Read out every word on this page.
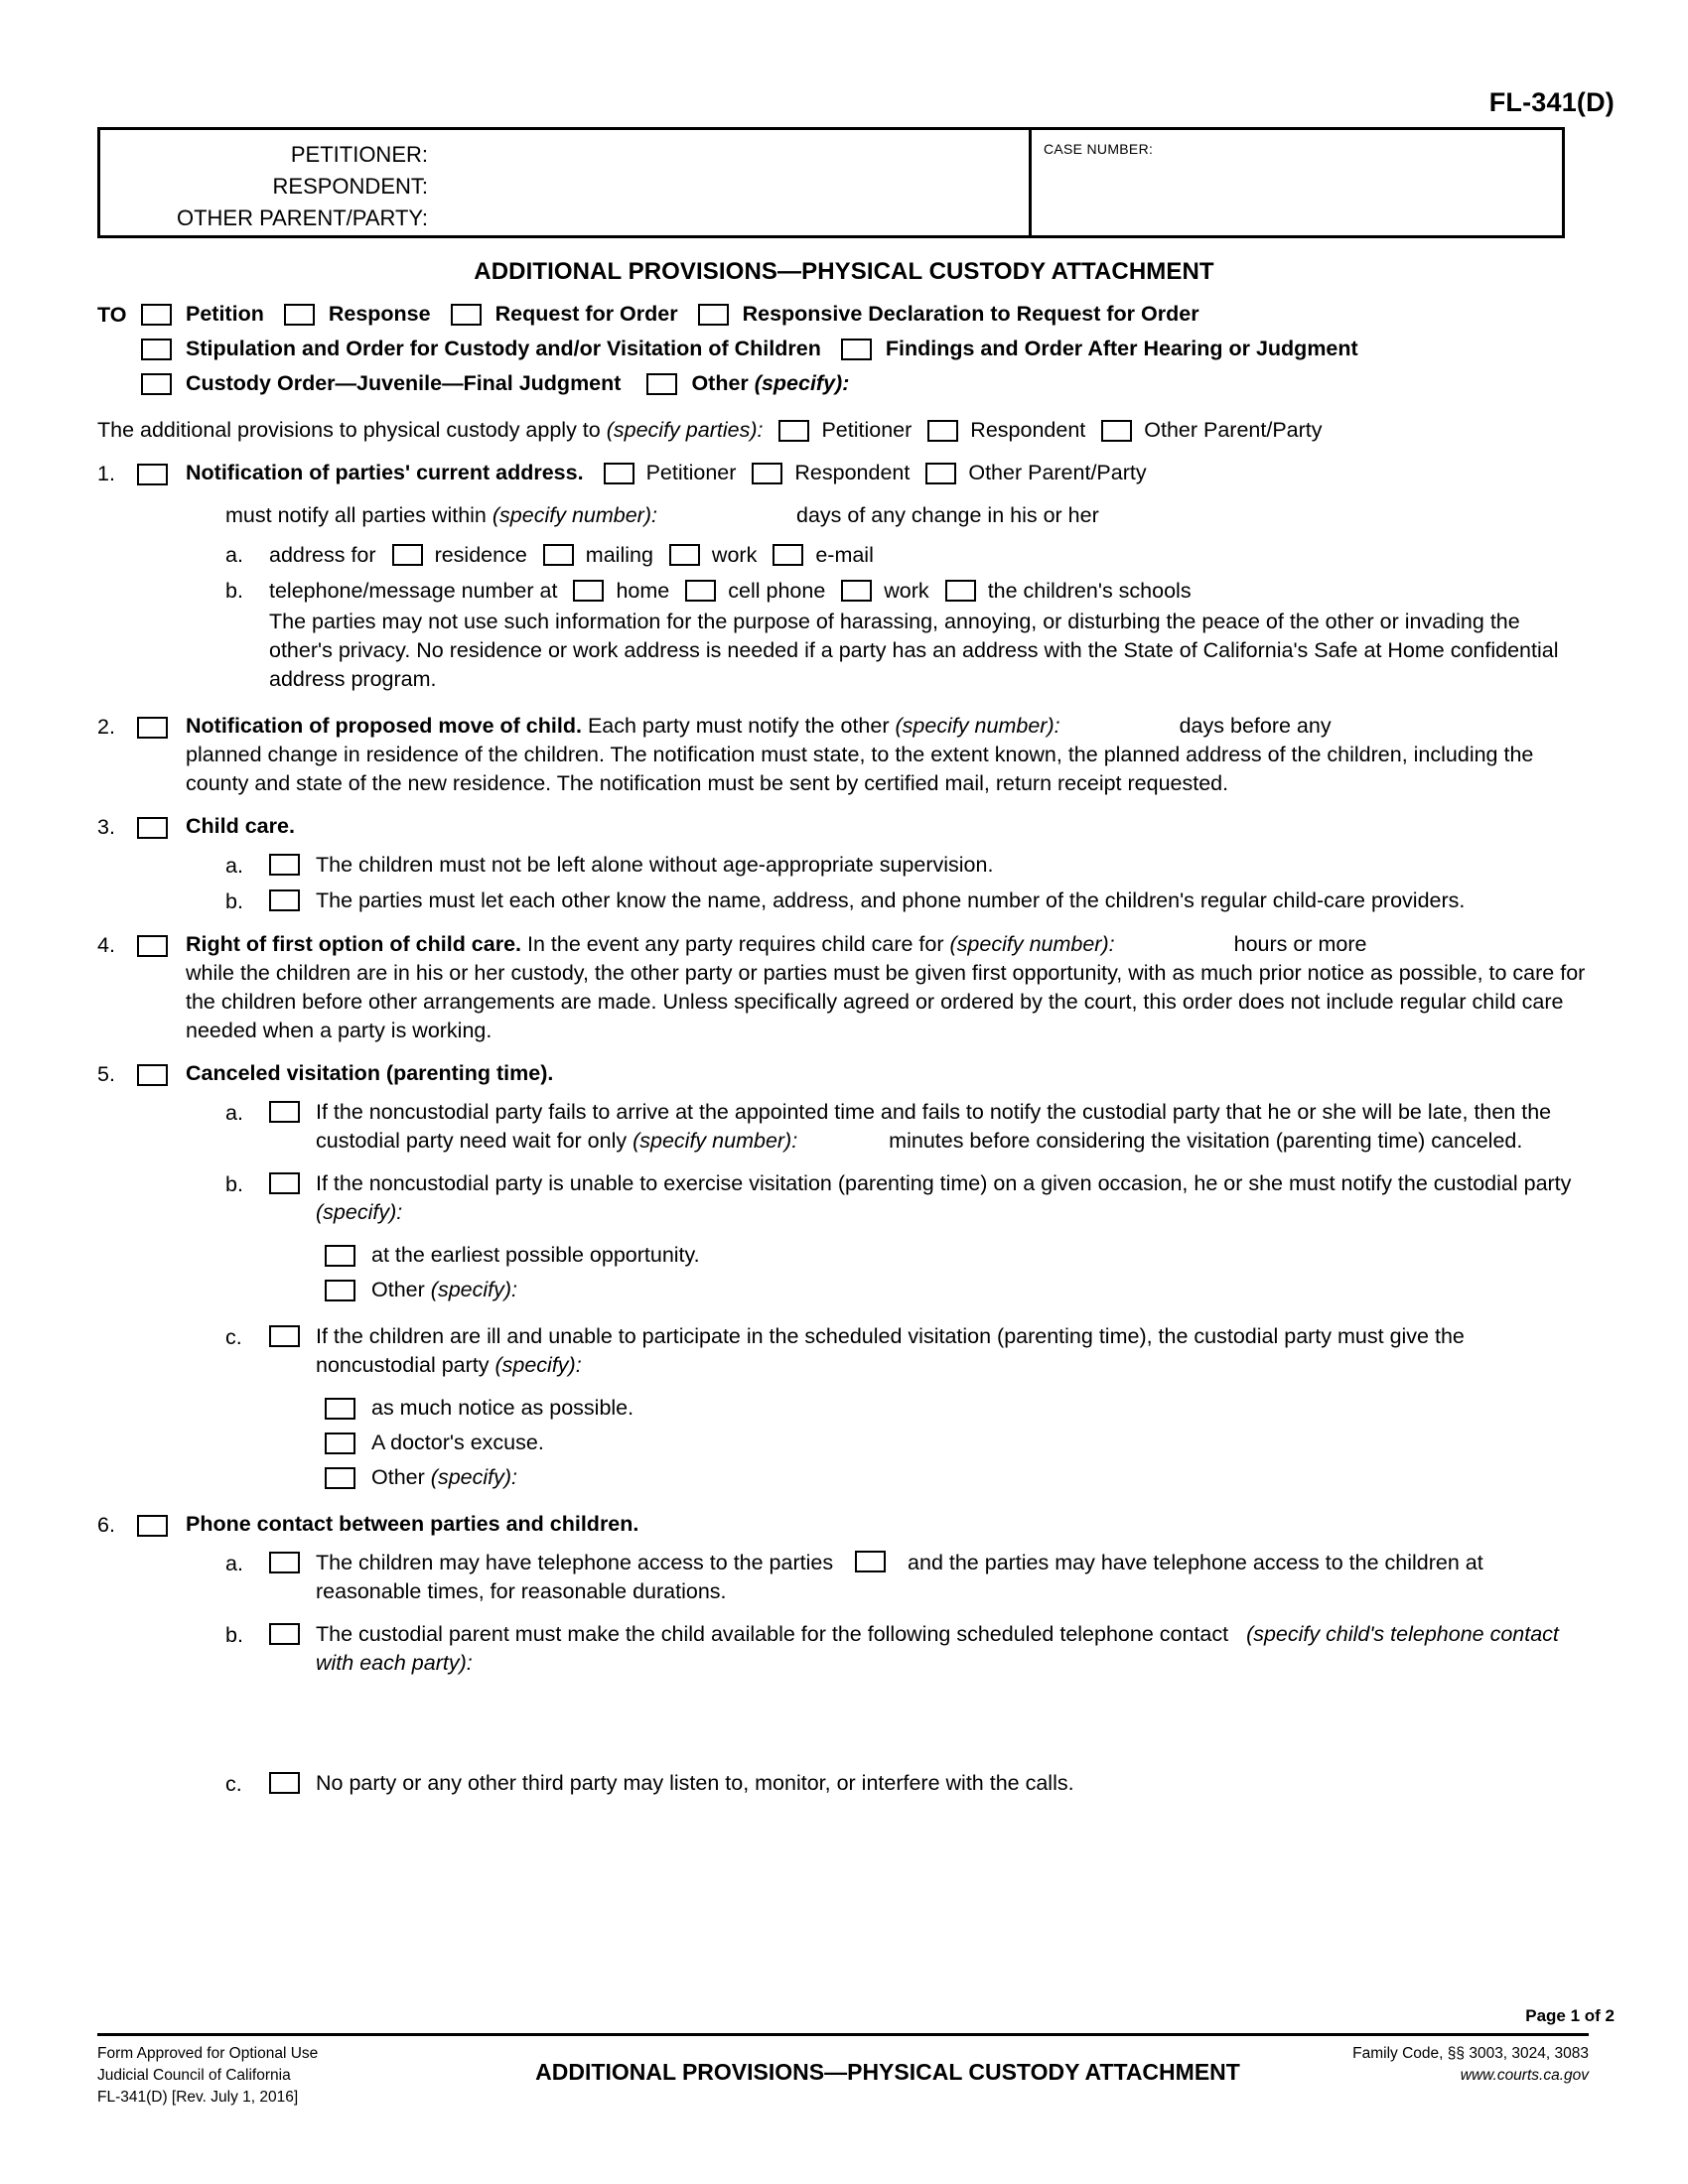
FL-341(D)
PETITIONER:
RESPONDENT:
OTHER PARENT/PARTY:
CASE NUMBER:
ADDITIONAL PROVISIONS—PHYSICAL CUSTODY ATTACHMENT
TO	Petition	Response	Request for Order	Responsive Declaration to Request for Order
Stipulation and Order for Custody and/or Visitation of Children	Findings and Order After Hearing or Judgment
Custody Order—Juvenile—Final Judgment	Other (specify):
The additional provisions to physical custody apply to (specify parties):	Petitioner	Respondent	Other Parent/Party
1.	Notification of parties' current address.	Petitioner	Respondent	Other Parent/Party
must notify all parties within (specify number):	days of any change in his or her
a.	address for	residence	mailing	work	e-mail
b.	telephone/message number at	home	cell phone	work	the children's schools
The parties may not use such information for the purpose of harassing, annoying, or disturbing the peace of the other or invading the other's privacy. No residence or work address is needed if a party has an address with the State of California's Safe at Home confidential address program.
2.	Notification of proposed move of child. Each party must notify the other (specify number):	days before any
planned change in residence of the children. The notification must state, to the extent known, the planned address of the children, including the county and state of the new residence. The notification must be sent by certified mail, return receipt requested.
3.	Child care.
a.	The children must not be left alone without age-appropriate supervision.
b.	The parties must let each other know the name, address, and phone number of the children's regular child-care providers.
4.	Right of first option of child care. In the event any party requires child care for (specify number):	hours or more
while the children are in his or her custody, the other party or parties must be given first opportunity, with as much prior notice as possible, to care for the children before other arrangements are made. Unless specifically agreed or ordered by the court, this order does not include regular child care needed when a party is working.
5.	Canceled visitation (parenting time).
a.	If the noncustodial party fails to arrive at the appointed time and fails to notify the custodial party that he or she will be late, then the custodial party need wait for only (specify number):	minutes before considering the visitation (parenting time) canceled.
b.	If the noncustodial party is unable to exercise visitation (parenting time) on a given occasion, he or she must notify the custodial party (specify):
at the earliest possible opportunity.
Other (specify):
c.	If the children are ill and unable to participate in the scheduled visitation (parenting time), the custodial party must give the noncustodial party (specify):
as much notice as possible.
A doctor's excuse.
Other (specify):
6.	Phone contact between parties and children.
a.	The children may have telephone access to the parties	and the parties may have telephone access to the children at reasonable times, for reasonable durations.
b.	The custodial parent must make the child available for the following scheduled telephone contact (specify child's telephone contact with each party):
c.	No party or any other third party may listen to, monitor, or interfere with the calls.
Page 1 of 2
Form Approved for Optional Use
Judicial Council of California
FL-341(D) [Rev. July 1, 2016]
ADDITIONAL PROVISIONS—PHYSICAL CUSTODY ATTACHMENT
Family Code, §§ 3003, 3024, 3083
www.courts.ca.gov
